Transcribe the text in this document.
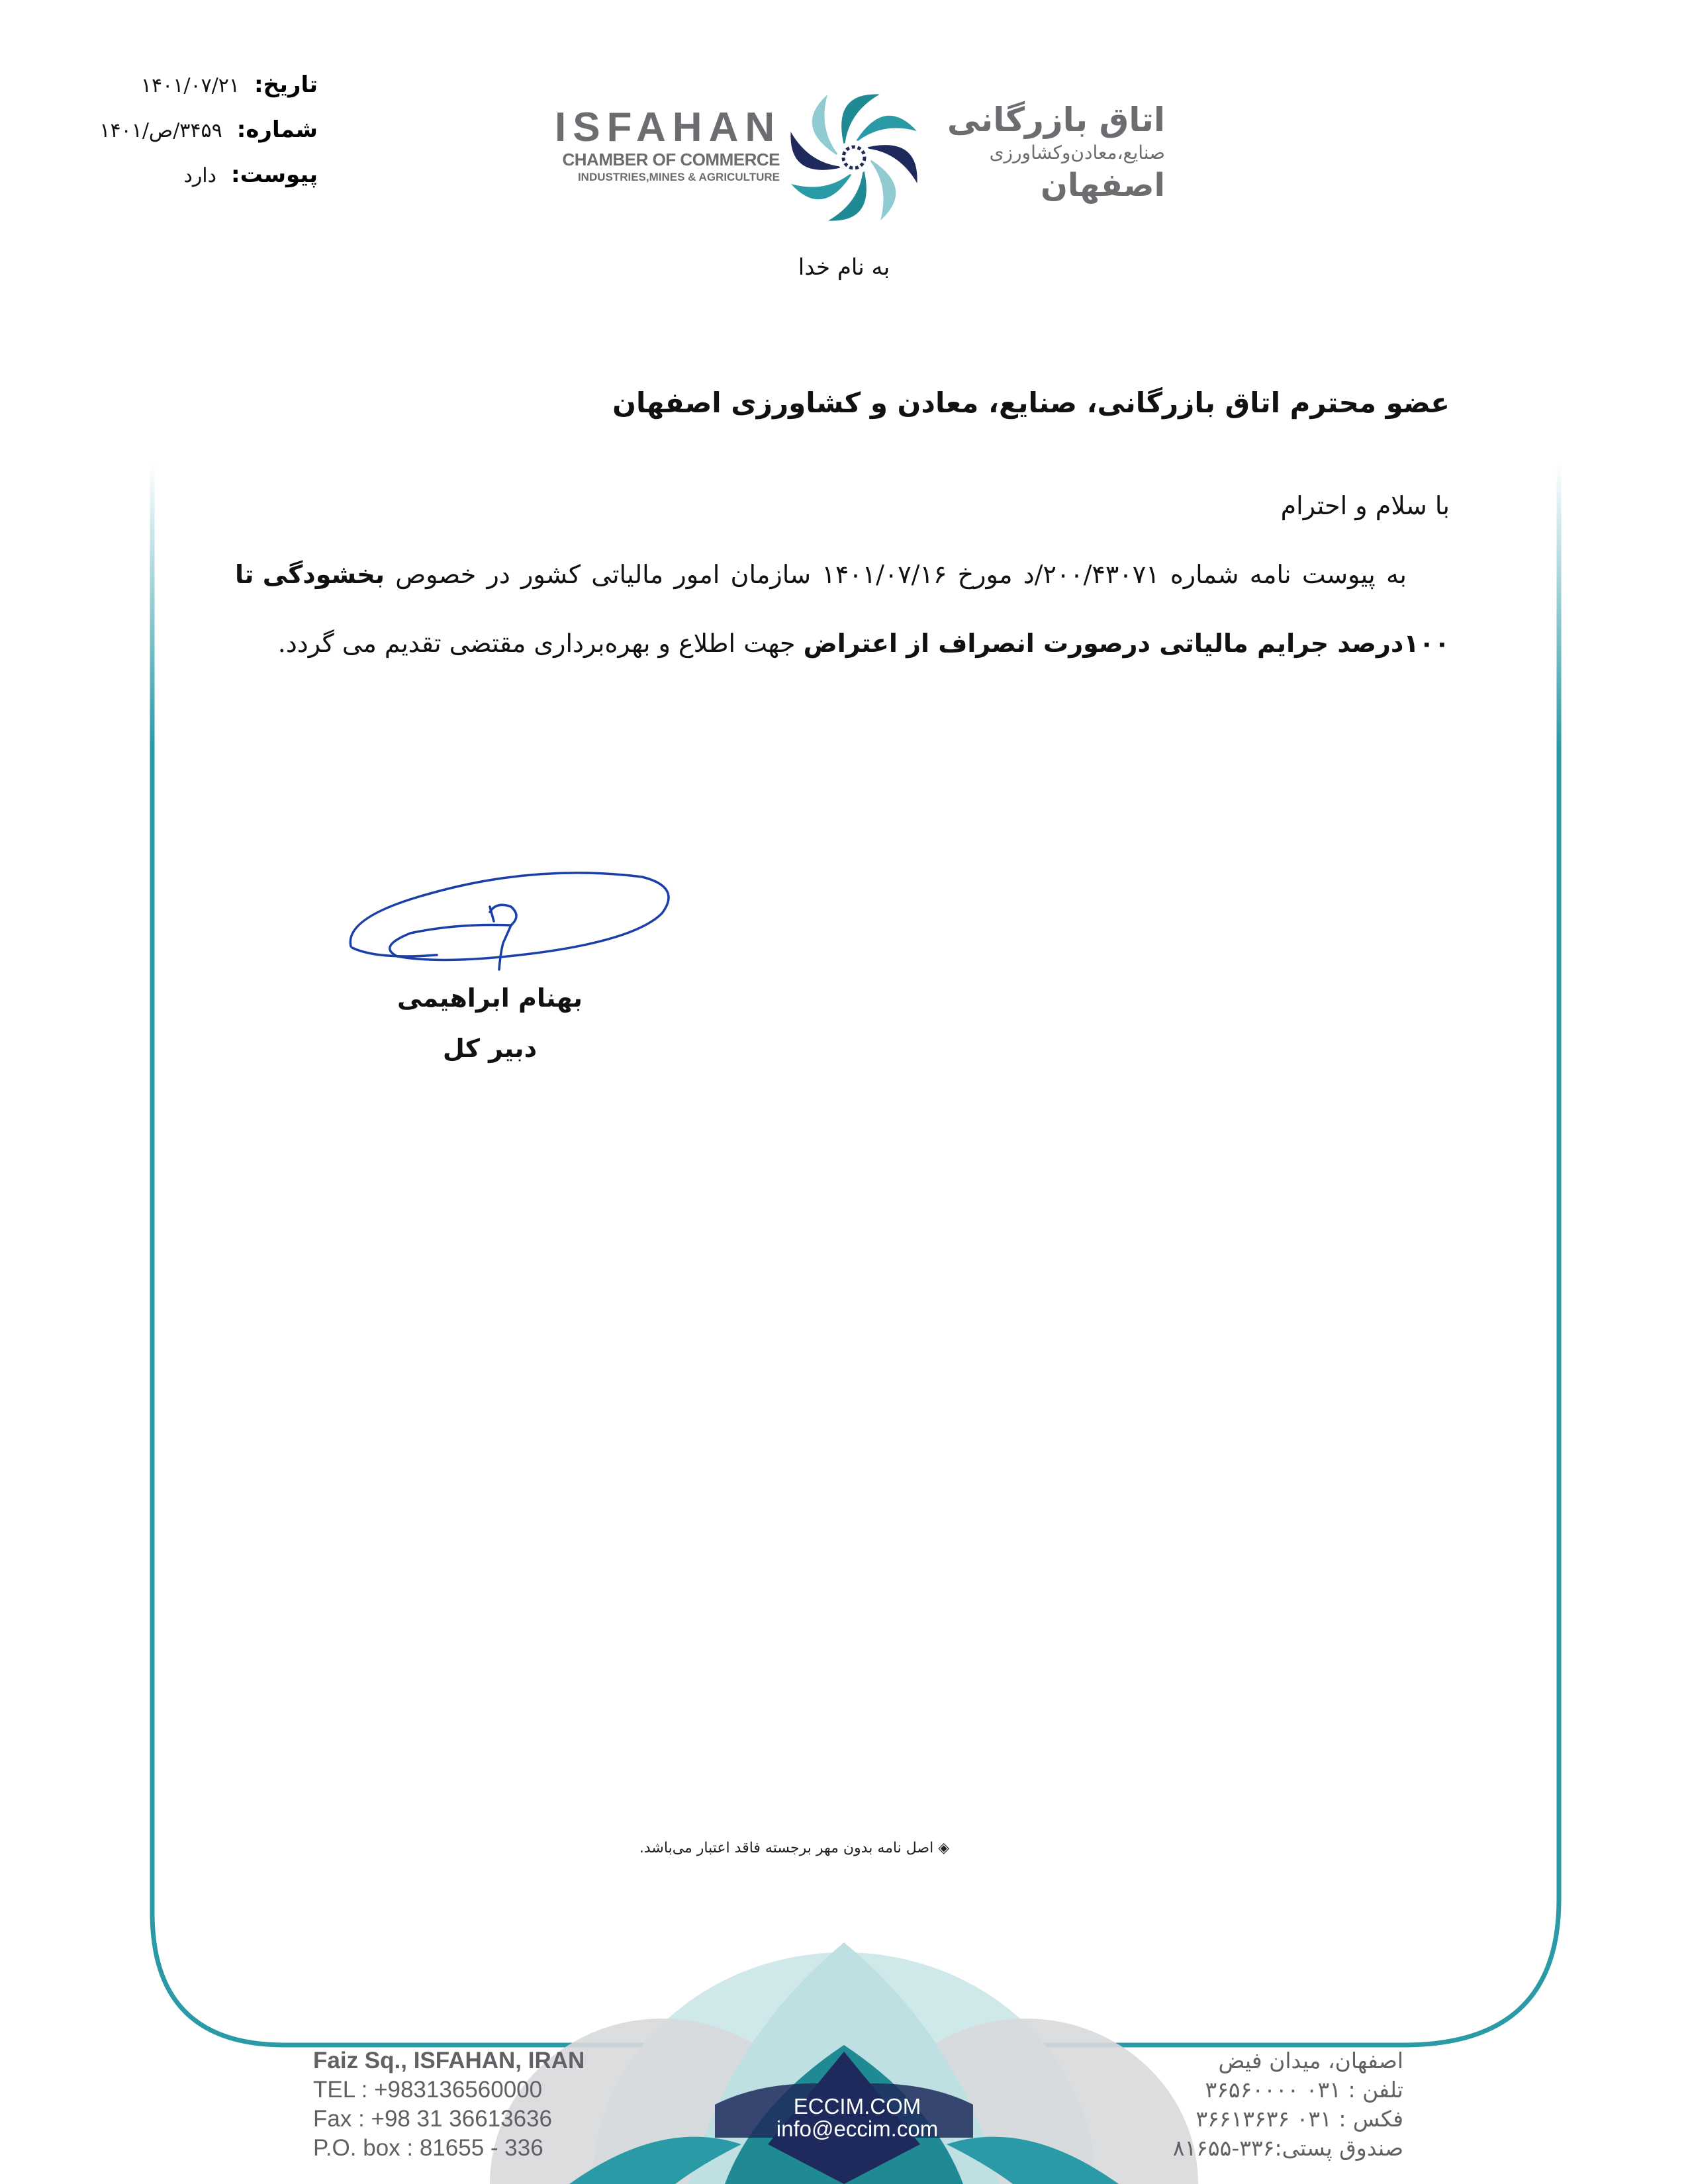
تاریخ:
۱۴۰۱/۰۷/۲۱
شماره:
۳۴۵۹/ص/۱۴۰۱
پیوست:
دارد
ISFAHAN
CHAMBER OF COMMERCE
INDUSTRIES,MINES & AGRICULTURE
اتاق بازرگانی
صنایع،معادن‌وکشاورزی
اصفهان
به نام خدا
عضو محترم اتاق بازرگانی، صنایع، معادن و کشاورزی اصفهان

با سلام و احترام

به پیوست نامه شماره ۲۰۰/۴۳۰۷۱/د مورخ ۱۴۰۱/۰۷/۱۶ سازمان امور مالیاتی کشور در خصوص بخشودگی تا ۱۰۰درصد جرایم مالیاتی درصورت انصراف از اعتراض جهت اطلاع و بهره‌برداری مقتضی تقدیم می گردد.

بهنام ابراهیمی
دبیر کل
◈ اصل نامه بدون مهر برجسته فاقد اعتبار می‌باشد.
Faiz Sq., ISFAHAN, IRAN
TEL : +983136560000
Fax : +98 31 36613636
P.O. box : 81655 - 336
ECCIM.COM
info@eccim.com
اصفهان، میدان فیض
تلفن : ۰۳۱ ۳۶۵۶۰۰۰۰
فکس : ۰۳۱ ۳۶۶۱۳۶۳۶
صندوق پستی:۳۳۶-۸۱۶۵۵
